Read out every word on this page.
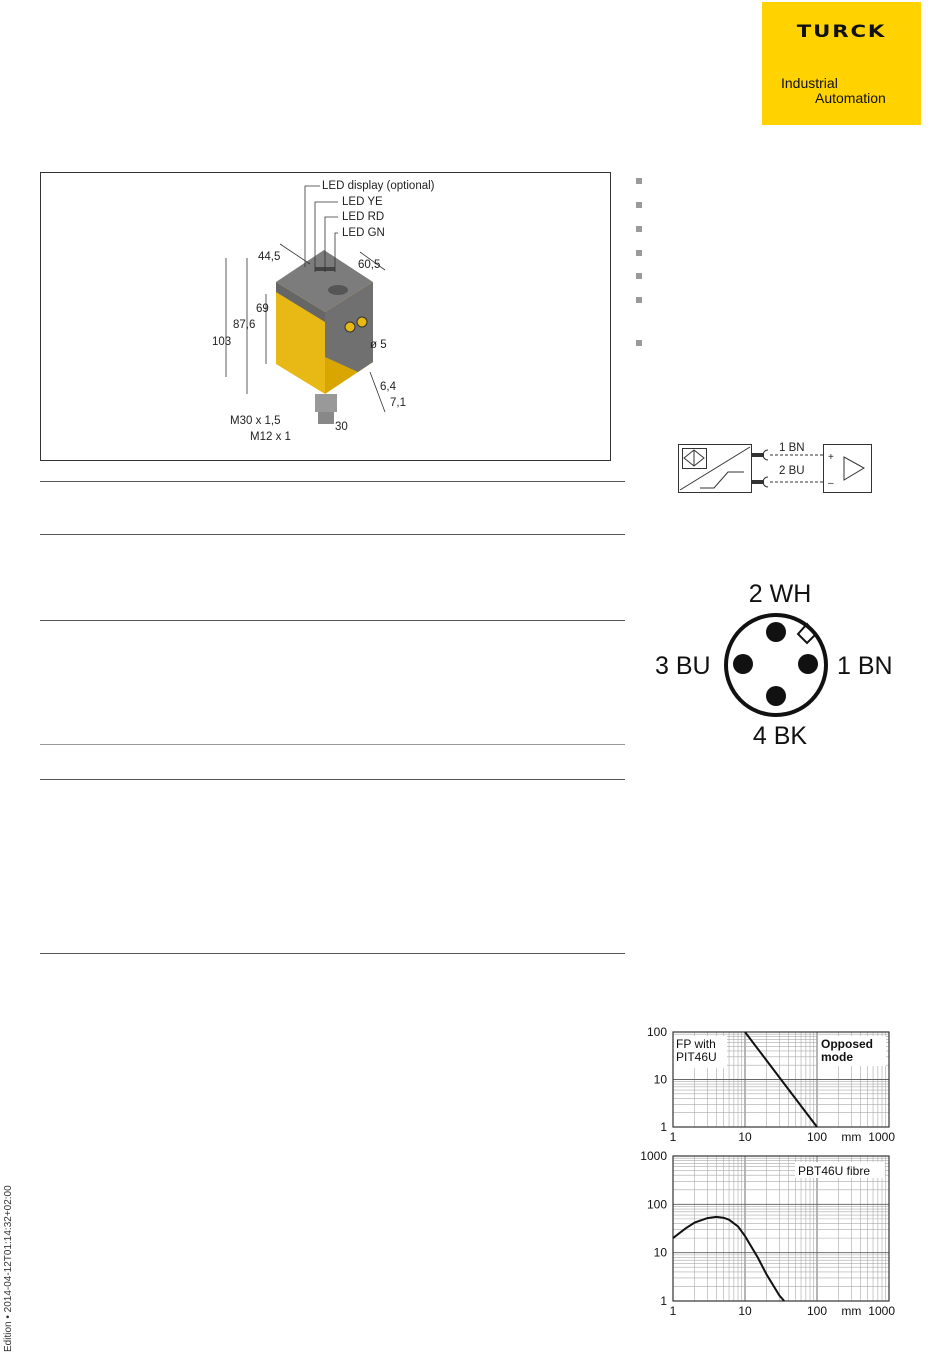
TURCK
Industrial
Automation
LED display (optional)
LED YE
LED RD
LED GN
44,5
60,5
69
87,6
103	ø 5
6,4
7,1
M30 x 1,5	30
M12 x 1
1 BN
2 BU
+
–
2 WH
3 BU	1 BN
4 BK
FP with PIT46U
Opposed mode
1
10
100
1	10	100	1000
mm
PBT46U fibre
1
10
100
1000
1	10	100	1000
mm
Edition • 2014-04-12T01:14:32+02:00
